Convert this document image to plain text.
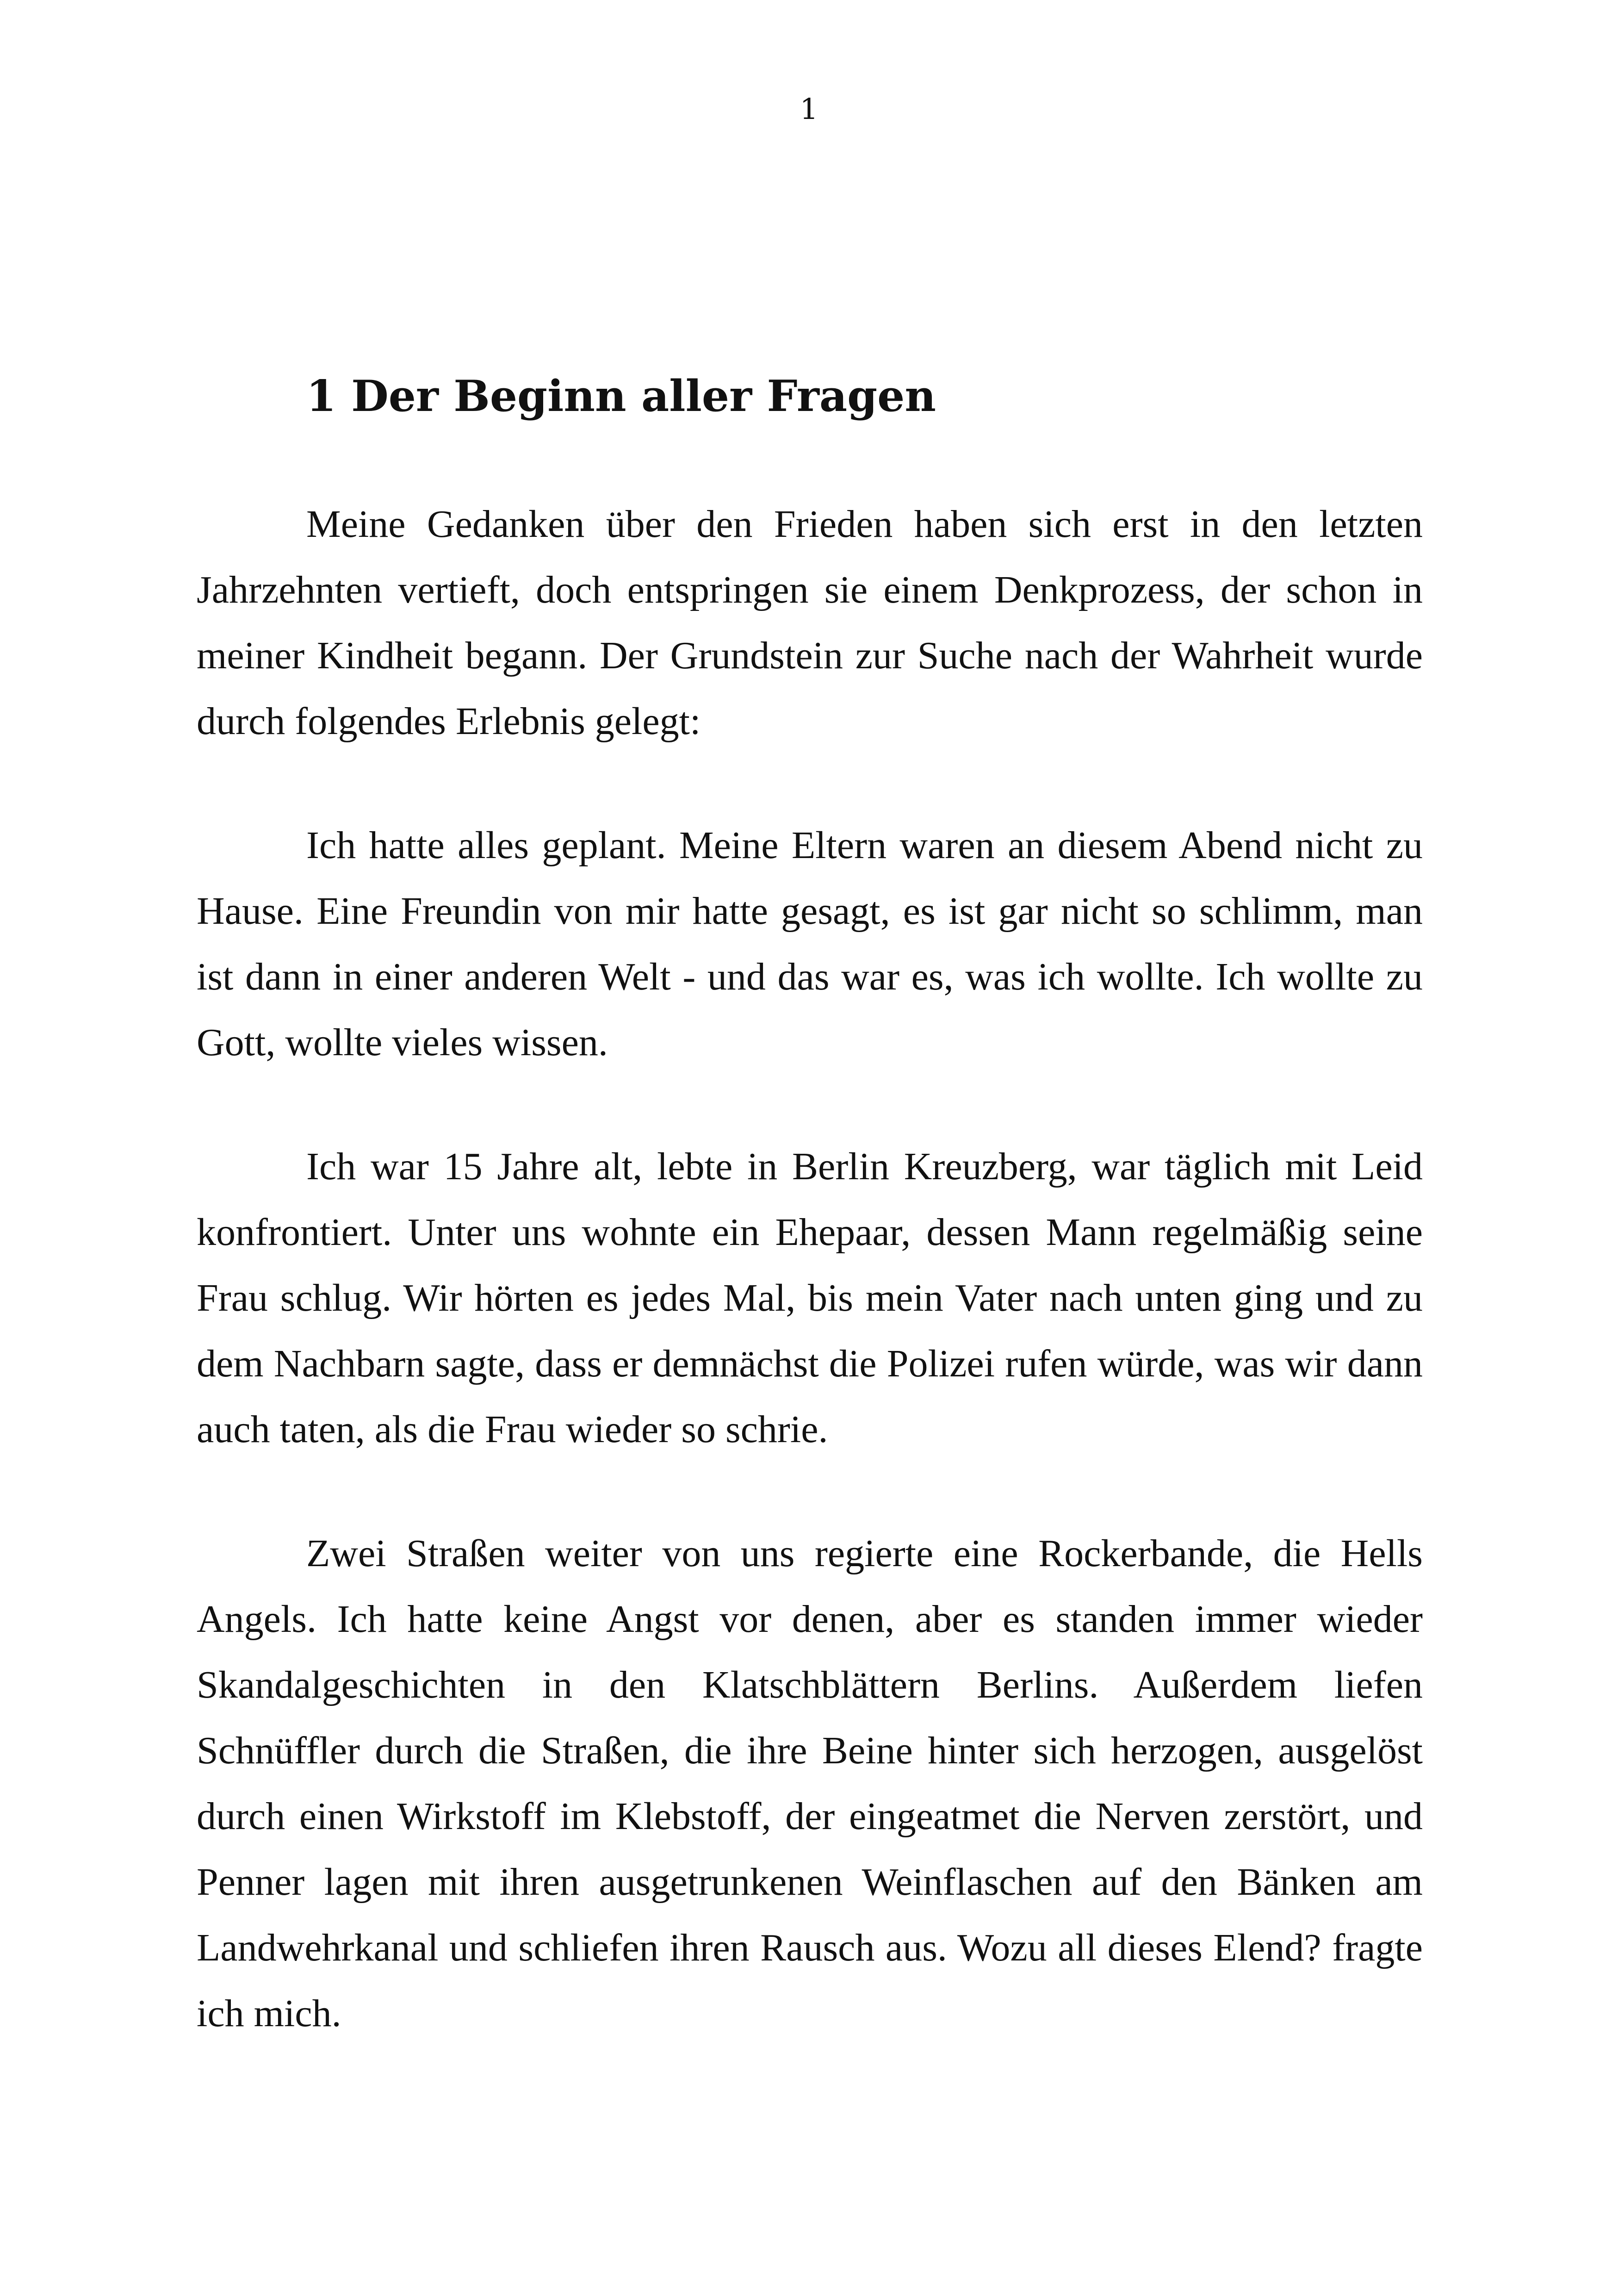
1
1 Der Beginn aller Fragen

Meine Gedanken über den Frieden haben sich erst in den letzten Jahrzehnten vertieft, doch entspringen sie einem Denkprozess, der schon in meiner Kindheit begann. Der Grundstein zur Suche nach der Wahrheit wurde durch folgendes Erlebnis gelegt:

Ich hatte alles geplant. Meine Eltern waren an diesem Abend nicht zu Hause. Eine Freundin von mir hatte gesagt, es ist gar nicht so schlimm, man ist dann in einer anderen Welt - und das war es, was ich wollte. Ich wollte zu Gott, wollte vieles wissen.

Ich war 15 Jahre alt, lebte in Berlin Kreuzberg, war täglich mit Leid konfrontiert. Unter uns wohnte ein Ehepaar, dessen Mann regelmäßig seine Frau schlug. Wir hörten es jedes Mal, bis mein Vater nach unten ging und zu dem Nachbarn sagte, dass er demnächst die Polizei rufen würde, was wir dann auch taten, als die Frau wieder so schrie.

Zwei Straßen weiter von uns regierte eine Rockerbande, die Hells Angels. Ich hatte keine Angst vor denen, aber es standen immer wieder Skandalgeschichten in den Klatschblättern Berlins. Außerdem liefen Schnüffler durch die Straßen, die ihre Beine hinter sich herzogen, ausgelöst durch einen Wirkstoff im Klebstoff, der eingeatmet die Nerven zerstört, und Penner lagen mit ihren ausgetrunkenen Weinflaschen auf den Bänken am Landwehrkanal und schliefen ihren Rausch aus. Wozu all dieses Elend? fragte ich mich.
